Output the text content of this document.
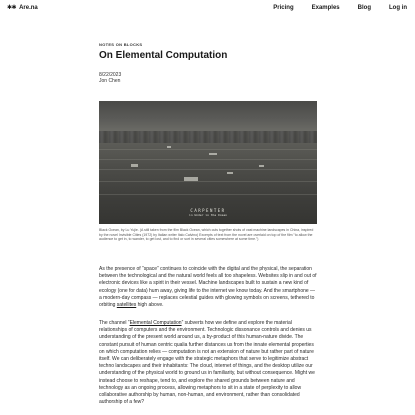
✱✱ Are.na	Pricing	Examples	Blog	Log in
NOTES ON BLOCKS
On Elemental Computation
8/22/2023
Jon Chen
CARPENTER
in Under in the Ocean

Black Ocean, by Lu Yujie. (A still taken from the film Black Ocean, which cuts together shots of vast machine landscapes in China, inspired by the novel Invisible Cities (1972) by Italian writer Italo Calvino) Excerpts of text from the novel are overlaid on top of the film "to allow the audience to get in, to wander, to get lost, and to find or sort in several cities somewhere at some time.")

As the presence of “space” continues to coincide with the digital and the physical, the separation between the technological and the natural world feels all too shapeless. Websites slip in and out of electronic devices like a spirit in their vessel. Machine landscapes built to sustain a new kind of ecology (one for data) hum away, giving life to the internet we know today. And the smartphone — a modern-day compass — replaces celestial guides with glowing symbols on screens, tethered to orbiting satellites high above.

The channel “Elemental Computation” subverts how we define and explore the material relationships of computers and the environment. Technologic dissonance controls and denies us understanding of the present world around us, a by-product of this human-nature divide. The constant pursuit of human centric qualia further distances us from the innate elemental properties on which computation relies — computation is not an extension of nature but rather part of nature itself. We can deliberately engage with the strategic metaphors that serve to legitimize abstract techno landscapes and their inhabitants: The cloud, internet of things, and the desktop utilize our understanding of the physical world to ground us in familiarity, but without consequence. Might we instead choose to reshape, tend to, and explore the shared grounds between nature and technology as an ongoing process, allowing metaphors to sit in a state of perplexity to allow collaborative authorship by human, non-human, and environment, rather than consolidated authorship of a few?
